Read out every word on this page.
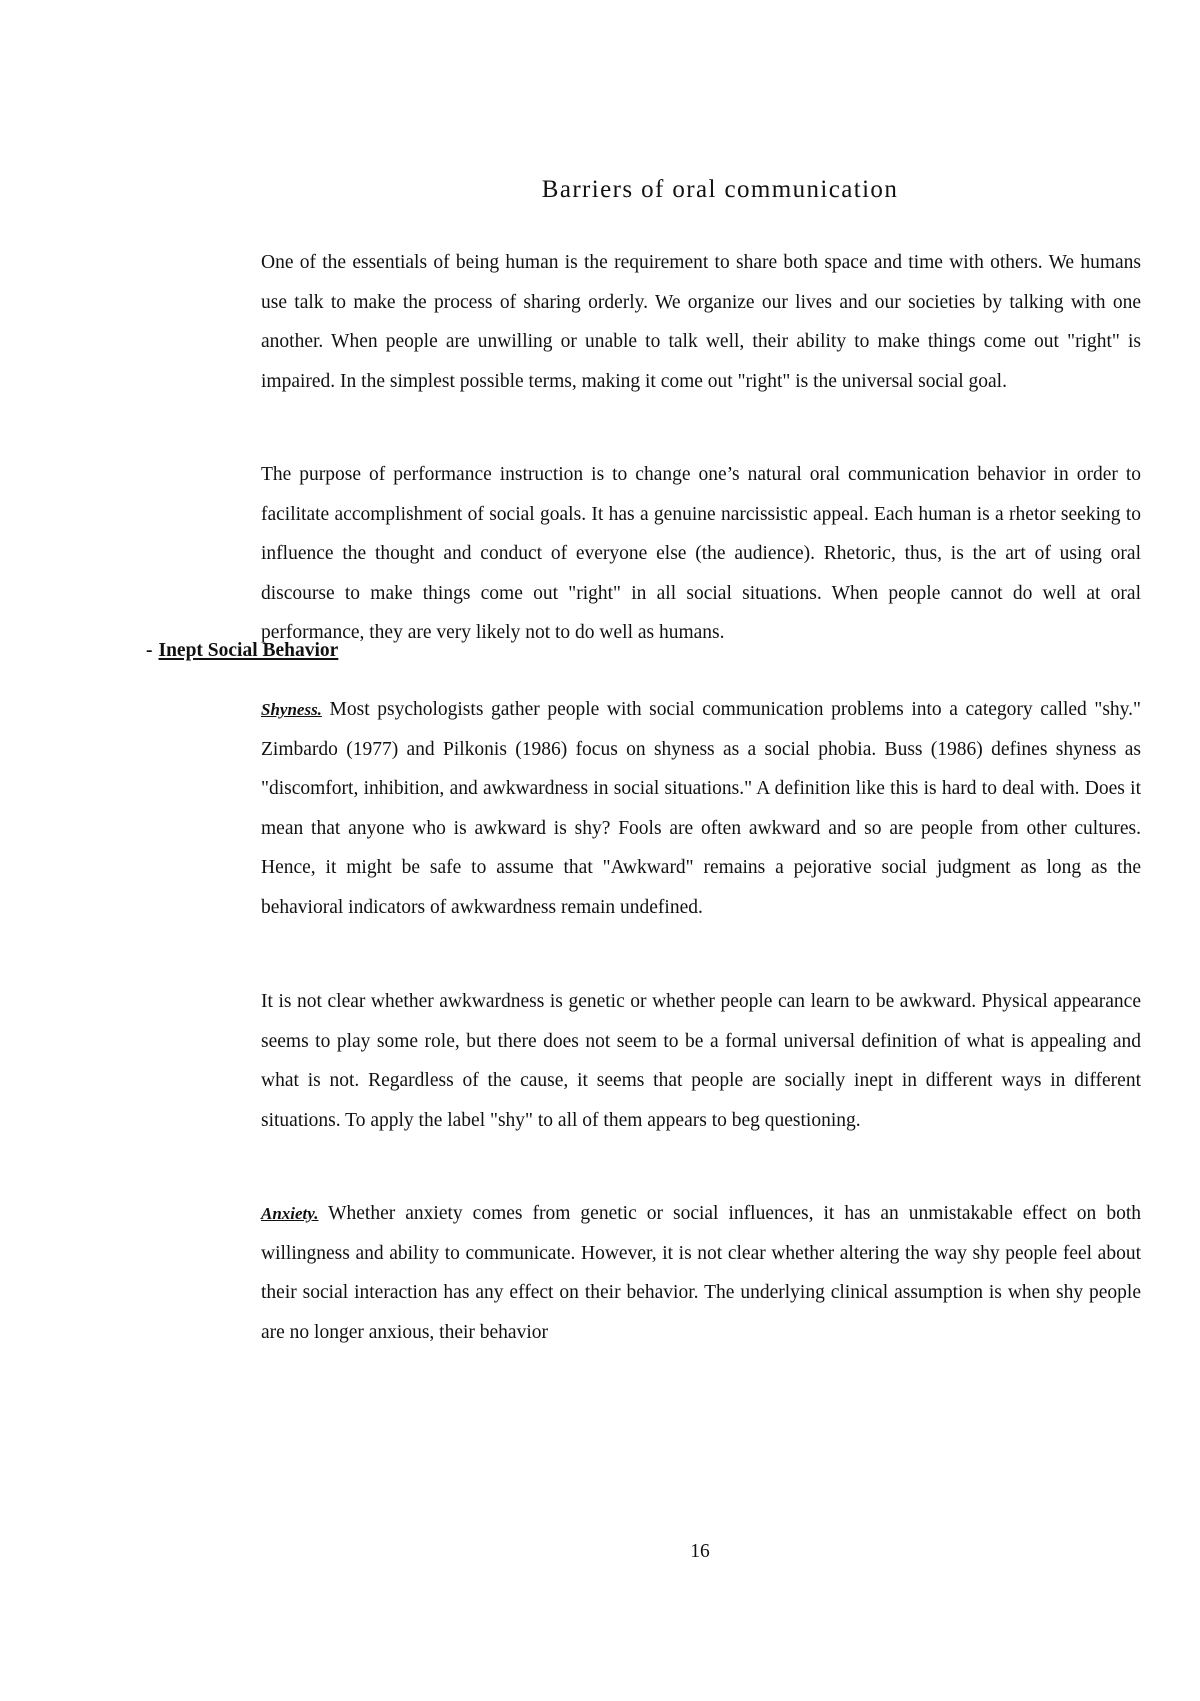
Barriers of oral communication

One of the essentials of being human is the requirement to share both space and time with others. We humans use talk to make the process of sharing orderly. We organize our lives and our societies by talking with one another. When people are unwilling or unable to talk well, their ability to make things come out "right" is impaired. In the simplest possible terms, making it come out "right" is the universal social goal.

The purpose of performance instruction is to change one’s natural oral communication behavior in order to facilitate accomplishment of social goals. It has a genuine narcissistic appeal. Each human is a rhetor seeking to influence the thought and conduct of everyone else (the audience). Rhetoric, thus, is the art of using oral discourse to make things come out "right" in all social situations. When people cannot do well at oral performance, they are very likely not to do well as humans.

- Inept Social Behavior

Shyness. Most psychologists gather people with social communication problems into a category called "shy." Zimbardo (1977) and Pilkonis (1986) focus on shyness as a social phobia. Buss (1986) defines shyness as "discomfort, inhibition, and awkwardness in social situations." A definition like this is hard to deal with. Does it mean that anyone who is awkward is shy? Fools are often awkward and so are people from other cultures. Hence, it might be safe to assume that "Awkward" remains a pejorative social judgment as long as the behavioral indicators of awkwardness remain undefined.

It is not clear whether awkwardness is genetic or whether people can learn to be awkward. Physical appearance seems to play some role, but there does not seem to be a formal universal definition of what is appealing and what is not. Regardless of the cause, it seems that people are socially inept in different ways in different situations. To apply the label "shy" to all of them appears to beg questioning.

Anxiety. Whether anxiety comes from genetic or social influences, it has an unmistakable effect on both willingness and ability to communicate. However, it is not clear whether altering the way shy people feel about their social interaction has any effect on their behavior. The underlying clinical assumption is when shy people are no longer anxious, their behavior

16
